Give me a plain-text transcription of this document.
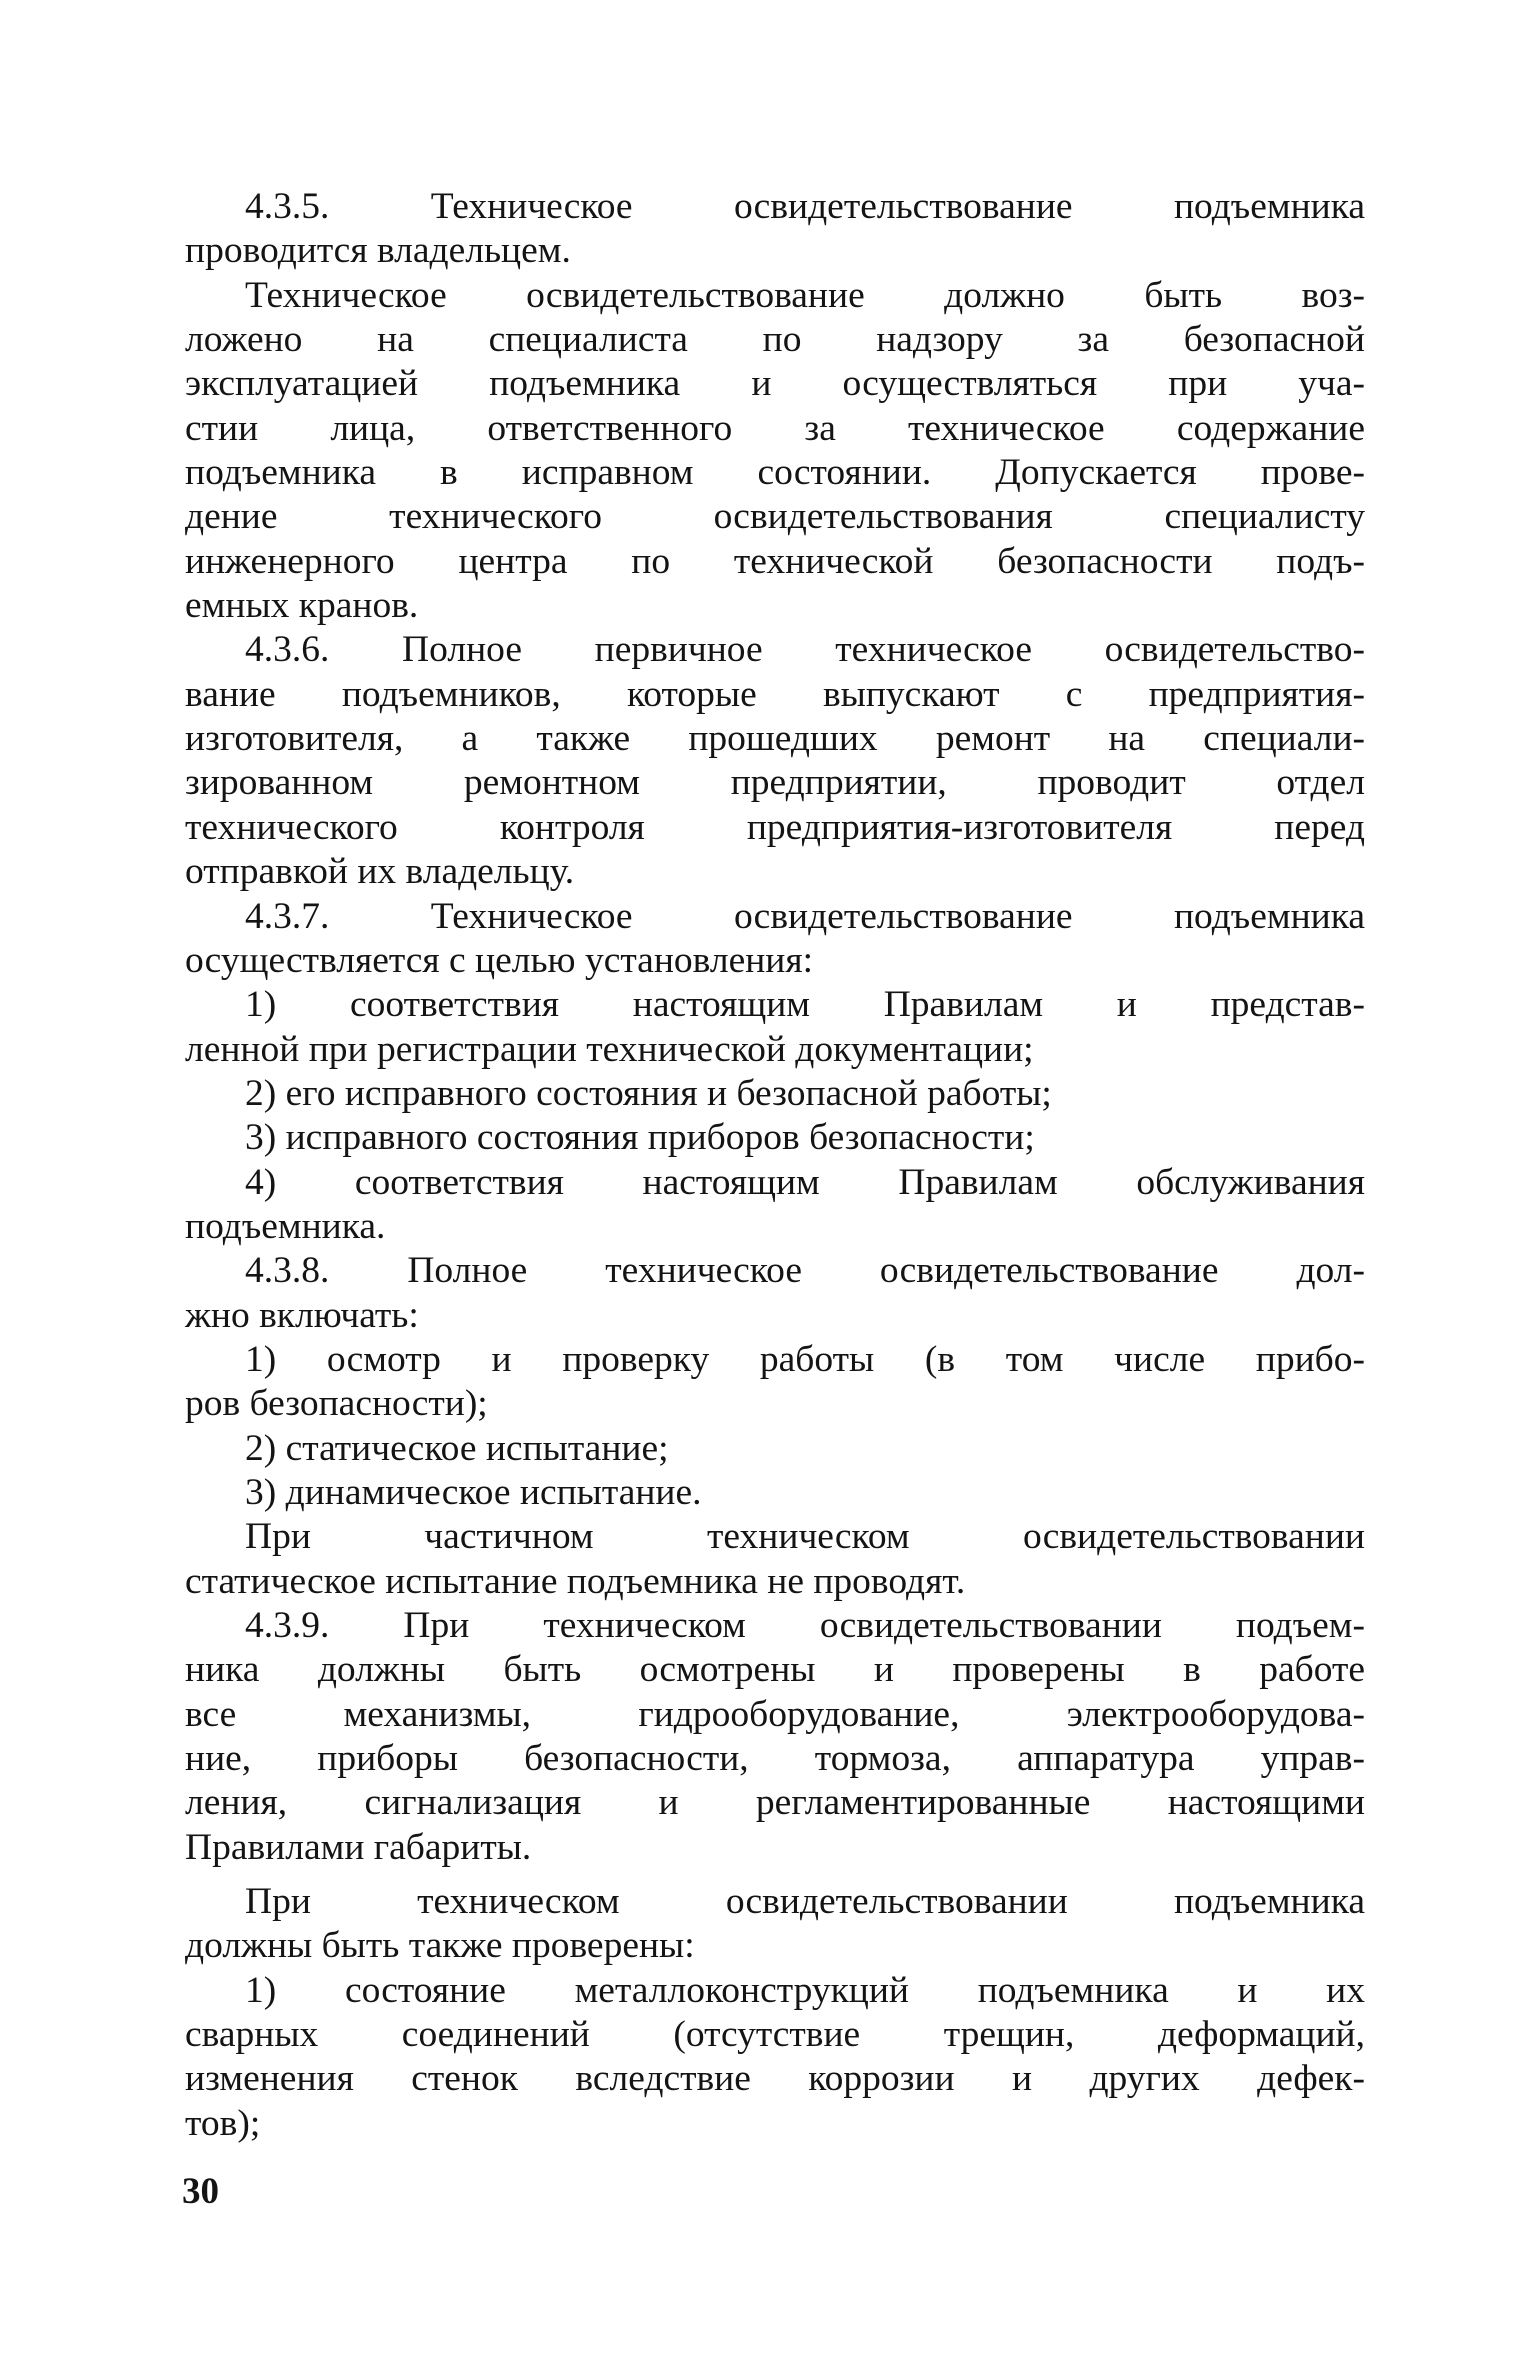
4.3.5. Техническое освидетельствование подъемника
проводится владельцем.
Техническое освидетельствование должно быть воз-
ложено на специалиста по надзору за безопасной
эксплуатацией подъемника и осуществляться при уча-
стии лица, ответственного за техническое содержание
подъемника в исправном состоянии. Допускается прове-
дение технического освидетельствования специалисту
инженерного центра по технической безопасности подъ-
емных кранов.
4.3.6. Полное первичное техническое освидетельство-
вание подъемников, которые выпускают с предприятия-
изготовителя, а также прошедших ремонт на специали-
зированном ремонтном предприятии, проводит отдел
технического контроля предприятия-изготовителя перед
отправкой их владельцу.
4.3.7. Техническое освидетельствование подъемника
осуществляется с целью установления:
1) соответствия настоящим Правилам и представ-
ленной при регистрации технической документации;
2) его исправного состояния и безопасной работы;
3) исправного состояния приборов безопасности;
4) соответствия настоящим Правилам обслуживания
подъемника.
4.3.8. Полное техническое освидетельствование дол-
жно включать:
1) осмотр и проверку работы (в том числе прибо-
ров безопасности);
2) статическое испытание;
3) динамическое испытание.
При частичном техническом освидетельствовании
статическое испытание подъемника не проводят.
4.3.9. При техническом освидетельствовании подъем-
ника должны быть осмотрены и проверены в работе
все механизмы, гидрооборудование, электрооборудова-
ние, приборы безопасности, тормоза, аппаратура управ-
ления, сигнализация и регламентированные настоящими
Правилами габариты.
При техническом освидетельствовании подъемника
должны быть также проверены:
1) состояние металлоконструкций подъемника и их
сварных соединений (отсутствие трещин, деформаций,
изменения стенок вследствие коррозии и других дефек-
тов);
30
